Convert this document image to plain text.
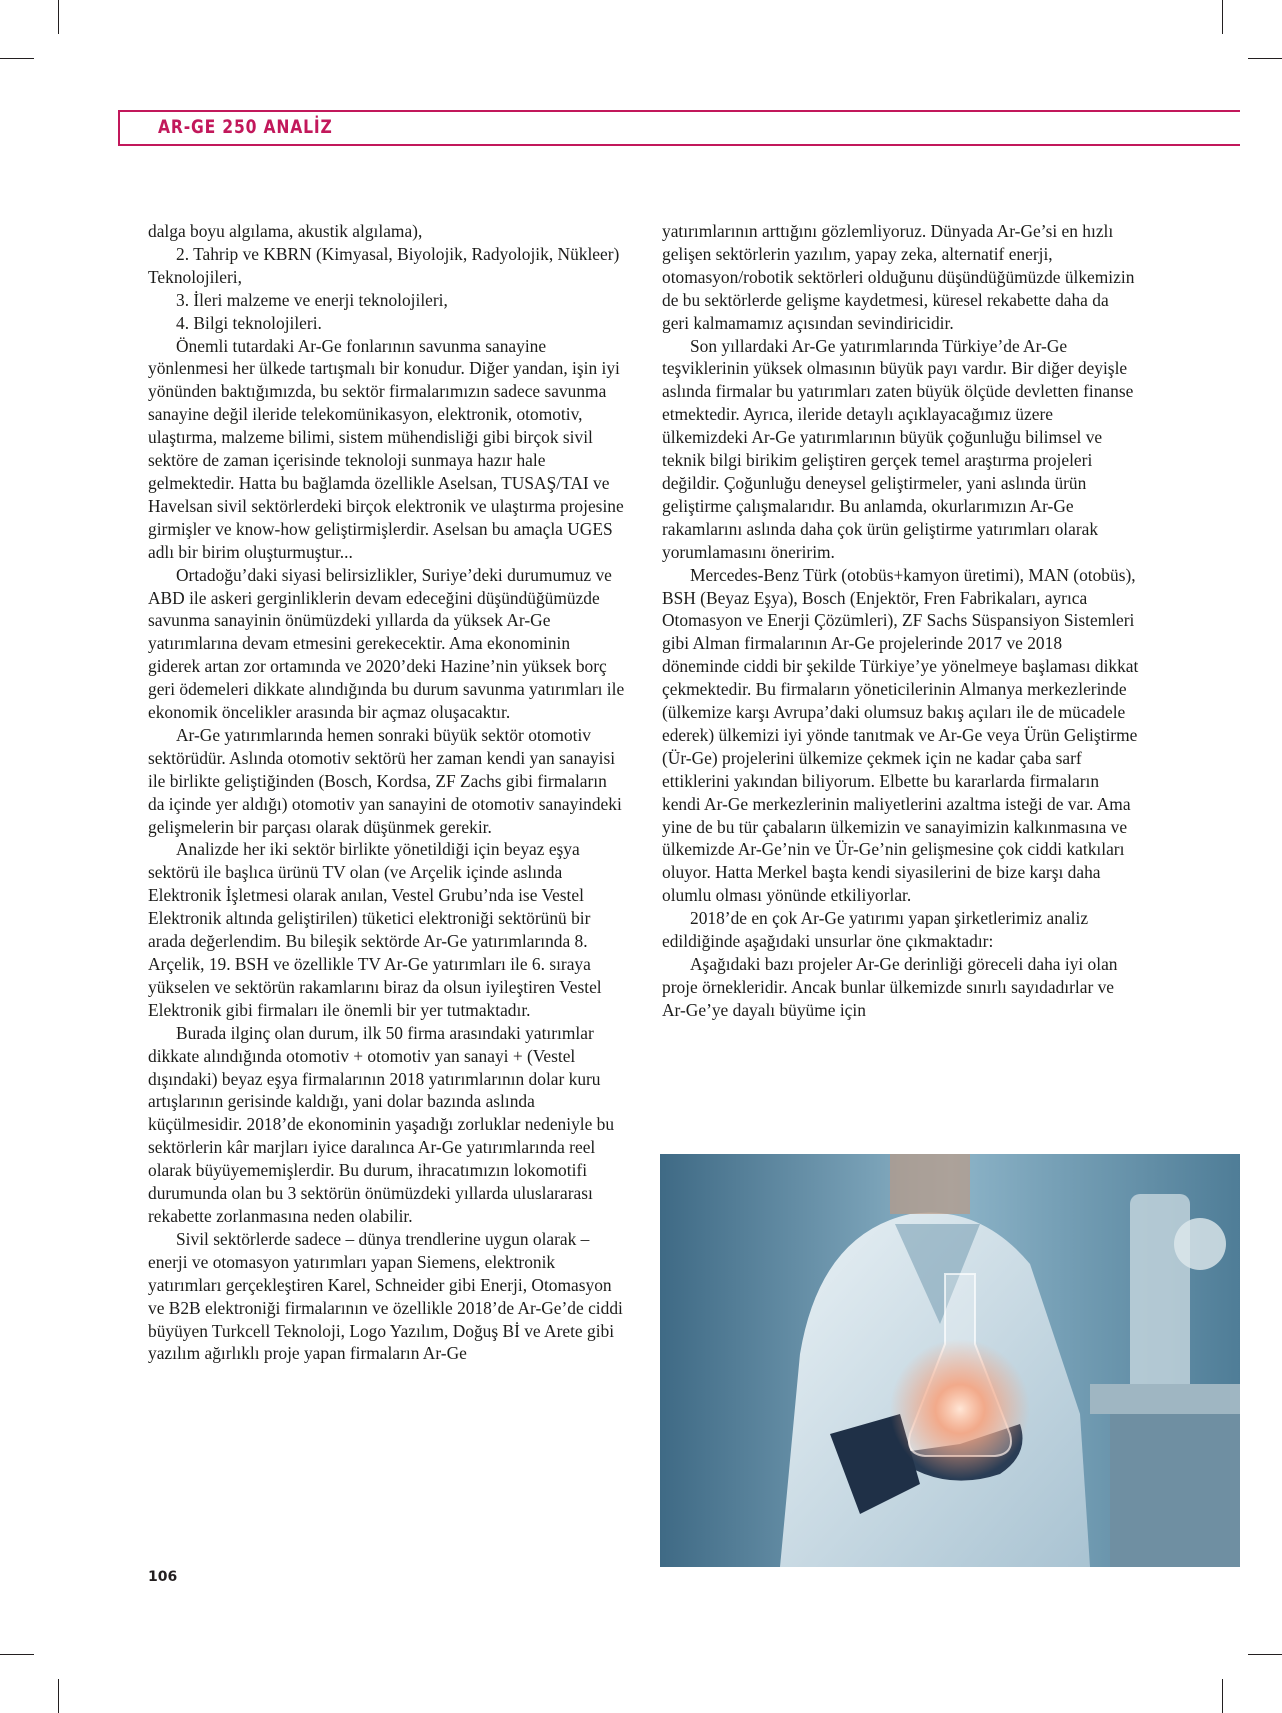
AR-GE 250 ANALİZ

dalga boyu algılama, akustik algılama),

2. Tahrip ve KBRN (Kimyasal, Biyolojik, Radyolojik, Nükleer) Teknolojileri,

3. İleri malzeme ve enerji teknolojileri,

4. Bilgi teknolojileri.

Önemli tutardaki Ar-Ge fonlarının savunma sanayine yönlenmesi her ülkede tartışmalı bir konudur. Diğer yandan, işin iyi yönünden baktığımızda, bu sektör firmalarımızın sadece savunma sanayine değil ileride telekomünikasyon, elektronik, otomotiv, ulaştırma, malzeme bilimi, sistem mühendisliği gibi birçok sivil sektöre de zaman içerisinde teknoloji sunmaya hazır hale gelmektedir. Hatta bu bağlamda özellikle Aselsan, TUSAŞ/TAI ve Havelsan sivil sektörlerdeki birçok elektronik ve ulaştırma projesine girmişler ve know-how geliştirmişlerdir. Aselsan bu amaçla UGES adlı bir birim oluşturmuştur...

Ortadoğu’daki siyasi belirsizlikler, Suriye’deki durumumuz ve ABD ile askeri gerginliklerin devam edeceğini düşündüğümüzde savunma sanayinin önümüzdeki yıllarda da yüksek Ar-Ge yatırımlarına devam etmesini gerekecektir. Ama ekonominin giderek artan zor ortamında ve 2020’deki Hazine’nin yüksek borç geri ödemeleri dikkate alındığında bu durum savunma yatırımları ile ekonomik öncelikler arasında bir açmaz oluşacaktır.

Ar-Ge yatırımlarında hemen sonraki büyük sektör otomotiv sektörüdür. Aslında otomotiv sektörü her zaman kendi yan sanayisi ile birlikte geliştiğinden (Bosch, Kordsa, ZF Zachs gibi firmaların da içinde yer aldığı) otomotiv yan sanayini de otomotiv sanayindeki gelişmelerin bir parçası olarak düşünmek gerekir.

Analizde her iki sektör birlikte yönetildiği için beyaz eşya sektörü ile başlıca ürünü TV olan (ve Arçelik içinde aslında Elektronik İşletmesi olarak anılan, Vestel Grubu’nda ise Vestel Elektronik altında geliştirilen) tüketici elektroniği sektörünü bir arada değerlendim. Bu bileşik sektörde Ar-Ge yatırımlarında 8. Arçelik, 19. BSH ve özellikle TV Ar-Ge yatırımları ile 6. sıraya yükselen ve sektörün rakamlarını biraz da olsun iyileştiren Vestel Elektronik gibi firmaları ile önemli bir yer tutmaktadır.

Burada ilginç olan durum, ilk 50 firma arasındaki yatırımlar dikkate alındığında otomotiv + otomotiv yan sanayi + (Vestel dışındaki) beyaz eşya firmalarının 2018 yatırımlarının dolar kuru artışlarının gerisinde kaldığı, yani dolar bazında aslında küçülmesidir. 2018’de ekonominin yaşadığı zorluklar nedeniyle bu sektörlerin kâr marjları iyice daralınca Ar-Ge yatırımlarında reel olarak büyüyememişlerdir. Bu durum, ihracatımızın lokomotifi durumunda olan bu 3 sektörün önümüzdeki yıllarda uluslararası rekabette zorlanmasına neden olabilir.

Sivil sektörlerde sadece – dünya trendlerine uygun olarak – enerji ve otomasyon yatırımları yapan Siemens, elektronik yatırımları gerçekleştiren Karel, Schneider gibi Enerji, Otomasyon ve B2B elektroniği firmalarının ve özellikle 2018’de Ar-Ge’de ciddi büyüyen Turkcell Teknoloji, Logo Yazılım, Doğuş Bİ ve Arete gibi yazılım ağırlıklı proje yapan firmaların Ar-Ge

yatırımlarının arttığını gözlemliyoruz. Dünyada Ar-Ge’si en hızlı gelişen sektörlerin yazılım, yapay zeka, alternatif enerji, otomasyon/robotik sektörleri olduğunu düşündüğümüzde ülkemizin de bu sektörlerde gelişme kaydetmesi, küresel rekabette daha da geri kalmamamız açısından sevindiricidir.

Son yıllardaki Ar-Ge yatırımlarında Türkiye’de Ar-Ge teşviklerinin yüksek olmasının büyük payı vardır. Bir diğer deyişle aslında firmalar bu yatırımları zaten büyük ölçüde devletten finanse etmektedir. Ayrıca, ileride detaylı açıklayacağımız üzere ülkemizdeki Ar-Ge yatırımlarının büyük çoğunluğu bilimsel ve teknik bilgi birikim geliştiren gerçek temel araştırma projeleri değildir. Çoğunluğu deneysel geliştirmeler, yani aslında ürün geliştirme çalışmalarıdır. Bu anlamda, okurlarımızın Ar-Ge rakamlarını aslında daha çok ürün geliştirme yatırımları olarak yorumlamasını öneririm.

Mercedes-Benz Türk (otobüs+kamyon üretimi), MAN (otobüs), BSH (Beyaz Eşya), Bosch (Enjektör, Fren Fabrikaları, ayrıca Otomasyon ve Enerji Çözümleri), ZF Sachs Süspansiyon Sistemleri gibi Alman firmalarının Ar-Ge projelerinde 2017 ve 2018 döneminde ciddi bir şekilde Türkiye’ye yönelmeye başlaması dikkat çekmektedir. Bu firmaların yöneticilerinin Almanya merkezlerinde (ülkemize karşı Avrupa’daki olumsuz bakış açıları ile de mücadele ederek) ülkemizi iyi yönde tanıtmak ve Ar-Ge veya Ürün Geliştirme (Ür-Ge) projelerini ülkemize çekmek için ne kadar çaba sarf ettiklerini yakından biliyorum. Elbette bu kararlarda firmaların kendi Ar-Ge merkezlerinin maliyetlerini azaltma isteği de var. Ama yine de bu tür çabaların ülkemizin ve sanayimizin kalkınmasına ve ülkemizde Ar-Ge’nin ve Ür-Ge’nin gelişmesine çok ciddi katkıları oluyor. Hatta Merkel başta kendi siyasilerini de bize karşı daha olumlu olması yönünde etkiliyorlar.

2018’de en çok Ar-Ge yatırımı yapan şirketlerimiz analiz edildiğinde aşağıdaki unsurlar öne çıkmaktadır:

Aşağıdaki bazı projeler Ar-Ge derinliği göreceli daha iyi olan proje örnekleridir. Ancak bunlar ülkemizde sınırlı sayıdadırlar ve Ar-Ge’ye dayalı büyüme için

106
